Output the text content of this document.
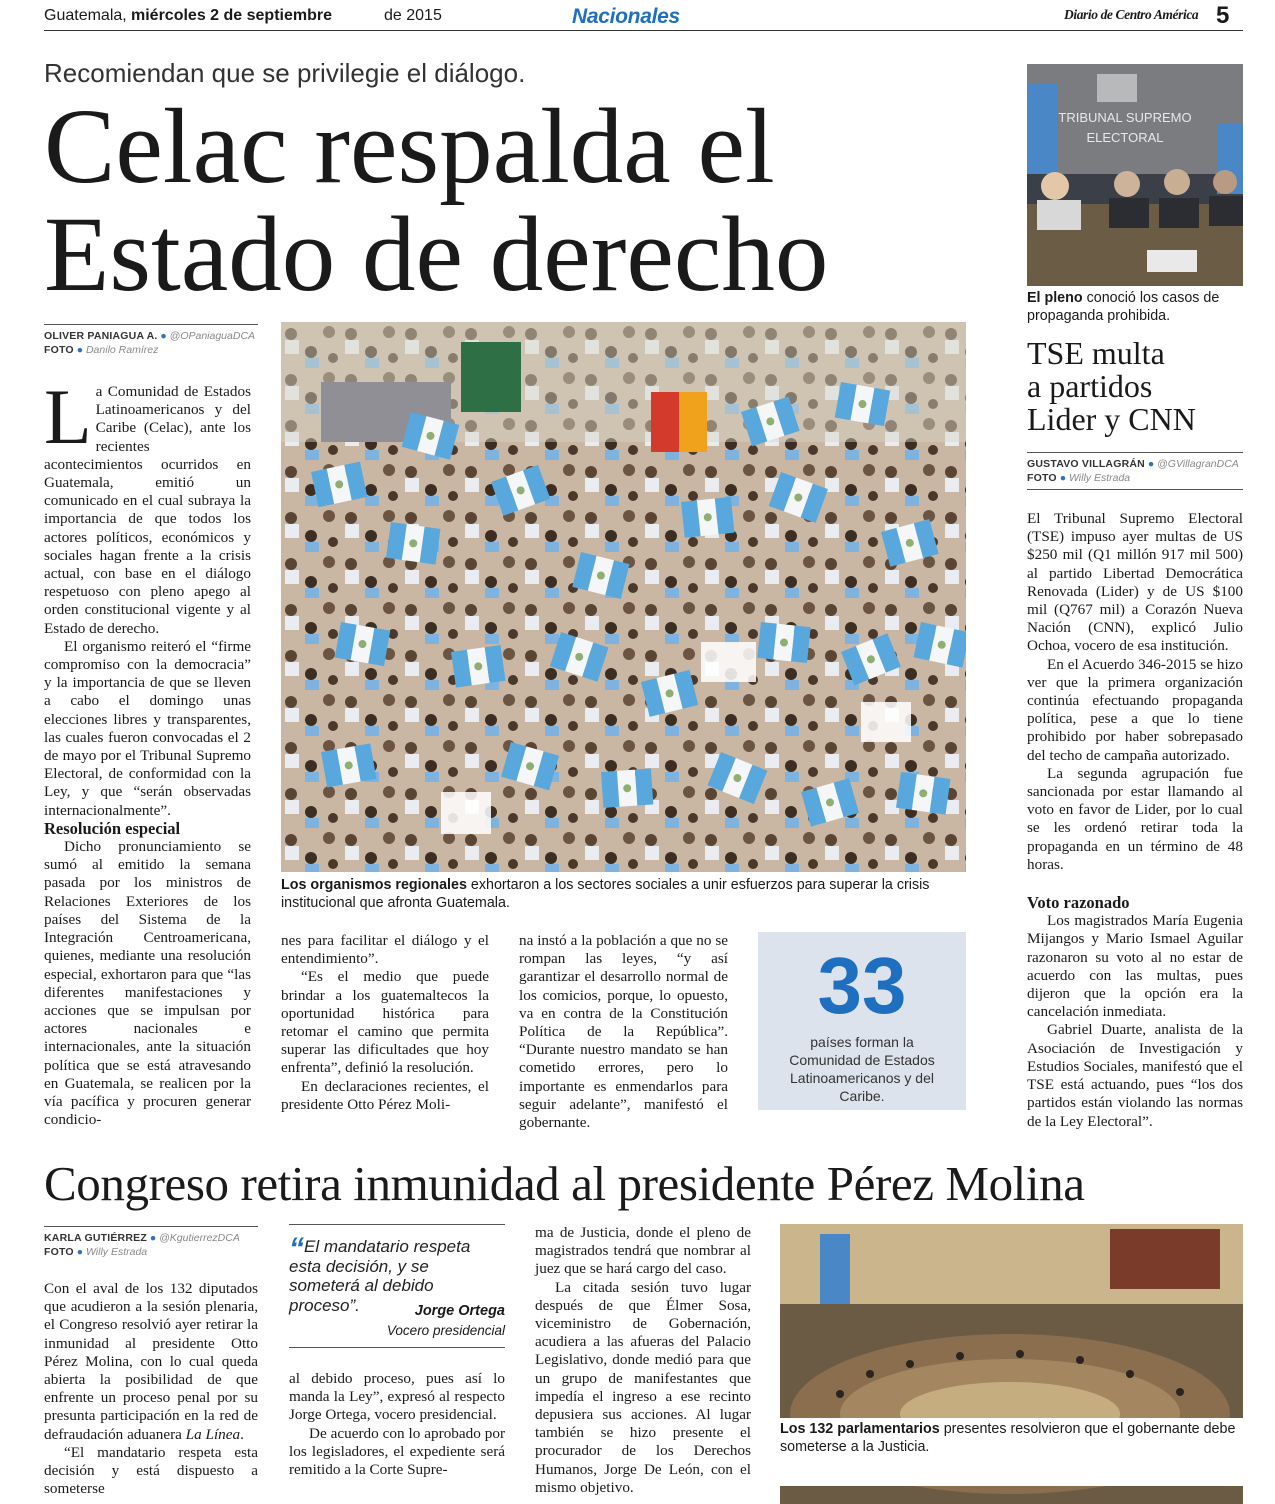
Guatemala, miércoles 2 de septiembre	de 2015	Nacionales	Diario de Centro América 5
Recomiendan que se privilegie el diálogo.
Celac respalda el
Estado de derecho
OLIVER PANIAGUA A. ● @OPaniaguaDCA
FOTO ● Danilo Ramírez
L a Comunidad de Estados Latinoamericanos y del Caribe (Celac), ante los recientes acontecimientos ocurridos en Guatemala, emitió un comunicado en el cual subraya la importancia de que todos los actores políticos, económicos y sociales hagan frente a la crisis actual, con base en el diálogo respetuoso con pleno apego al orden constitucional vigente y al Estado de derecho.

El organismo reiteró el “firme compromiso con la democracia” y la importancia de que se lleven a cabo el domingo unas elecciones libres y transparentes, las cuales fueron convocadas el 2 de mayo por el Tribunal Supremo Electoral, de conformidad con la Ley, y que “serán observadas internacionalmente”.

Resolución especial

Dicho pronunciamiento se sumó al emitido la semana pasada por los ministros de Relaciones Exteriores de los países del Sistema de la Integración Centroamericana, quienes, mediante una resolución especial, exhortaron para que “las diferentes manifestaciones y acciones que se impulsan por actores nacionales e internacionales, ante la situación política que se está atravesando en Guatemala, se realicen por la vía pacífica y procuren generar condicio-

Los organismos regionales exhortaron a los sectores sociales a unir esfuerzos para superar la crisis institucional que afronta Guatemala.

nes para facilitar el diálogo y el entendimiento”.

“Es el medio que puede brindar a los guatemaltecos la oportunidad histórica para retomar el camino que permita superar las dificultades que hoy enfrenta”, definió la resolución.

En declaraciones recientes, el presidente Otto Pérez Moli-

na instó a la población a que no se rompan las leyes, “y así garantizar el desarrollo normal de los comicios, porque, lo opuesto, va en contra de la Constitución Política de la República”. “Durante nuestro mandato se han cometido errores, pero lo importante es enmendarlos para seguir adelante”, manifestó el gobernante.

33
países forman la Comunidad de Estados Latinoamericanos y del Caribe.
TRIBUNAL SUPREMO
ELECTORAL
El pleno conoció los casos de propaganda prohibida.
TSE multa
a partidos
Lider y CNN
GUSTAVO VILLAGRÁN ● @GVillagranDCA
FOTO ● Willy Estrada

El Tribunal Supremo Electoral (TSE) impuso ayer multas de US $250 mil (Q1 millón 917 mil 500) al partido Libertad Democrática Renovada (Lider) y de US $100 mil (Q767 mil) a Corazón Nueva Nación (CNN), explicó Julio Ochoa, vocero de esa institución.

En el Acuerdo 346-2015 se hizo ver que la primera organización continúa efectuando propaganda política, pese a que lo tiene prohibido por haber sobrepasado del techo de campaña autorizado.

La segunda agrupación fue sancionada por estar llamando al voto en favor de Lider, por lo cual se les ordenó retirar toda la propaganda en un término de 48 horas.

Voto razonado

Los magistrados María Eugenia Mijangos y Mario Ismael Aguilar razonaron su voto al no estar de acuerdo con las multas, pues dijeron que la opción era la cancelación inmediata.

Gabriel Duarte, analista de la Asociación de Investigación y Estudios Sociales, manifestó que el TSE está actuando, pues “los dos partidos están violando las normas de la Ley Electoral”.

Congreso retira inmunidad al presidente Pérez Molina
KARLA GUTIÉRREZ ● @KgutierrezDCA
FOTO ● Willy Estrada

Con el aval de los 132 diputados que acudieron a la sesión plenaria, el Congreso resolvió ayer retirar la inmunidad al presidente Otto Pérez Molina, con lo cual queda abierta la posibilidad de que enfrente un proceso penal por su presunta participación en la red de defraudación aduanera La Línea.

“El mandatario respeta esta decisión y está dispuesto a someterse

“El mandatario respeta esta decisión, y se someterá al debido proceso”.	Jorge Ortega
Vocero presidencial

al debido proceso, pues así lo manda la Ley”, expresó al respecto Jorge Ortega, vocero presidencial.

De acuerdo con lo aprobado por los legisladores, el expediente será remitido a la Corte Supre-

ma de Justicia, donde el pleno de magistrados tendrá que nombrar al juez que se hará cargo del caso.

La citada sesión tuvo lugar después de que Élmer Sosa, viceministro de Gobernación, acudiera a las afueras del Palacio Legislativo, donde medió para que un grupo de manifestantes que impedía el ingreso a ese recinto depusiera sus acciones. Al lugar también se hizo presente el procurador de los Derechos Humanos, Jorge De León, con el mismo objetivo.

Los 132 parlamentarios presentes resolvieron que el gobernante debe someterse a la Justicia.
